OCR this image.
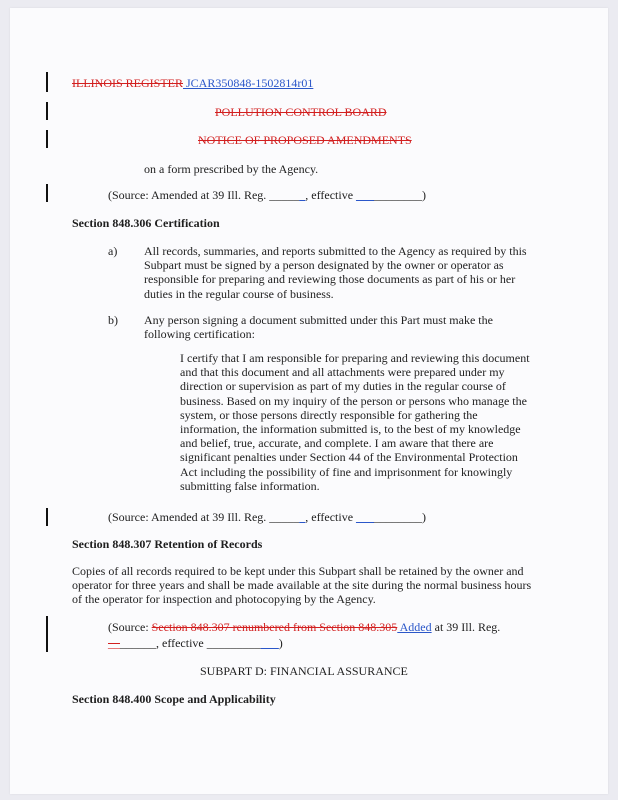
ILLINOIS REGISTER JCAR350848-1502814r01
POLLUTION CONTROL BOARD
NOTICE OF PROPOSED AMENDMENTS
on a form prescribed by the Agency.
(Source: Amended at 39 Ill. Reg. ______, effective ___________)
Section 848.306 Certification
a) All records, summaries, and reports submitted to the Agency as required by this Subpart must be signed by a person designated by the owner or operator as responsible for preparing and reviewing those documents as part of his or her duties in the regular course of business.
b) Any person signing a document submitted under this Part must make the following certification:
I certify that I am responsible for preparing and reviewing this document and that this document and all attachments were prepared under my direction or supervision as part of my duties in the regular course of business. Based on my inquiry of the person or persons who manage the system, or those persons directly responsible for gathering the information, the information submitted is, to the best of my knowledge and belief, true, accurate, and complete. I am aware that there are significant penalties under Section 44 of the Environmental Protection Act including the possibility of fine and imprisonment for knowingly submitting false information.
(Source: Amended at 39 Ill. Reg. ______, effective ___________)
Section 848.307 Retention of Records
Copies of all records required to be kept under this Subpart shall be retained by the owner and operator for three years and shall be made available at the site during the normal business hours of the operator for inspection and photocopying by the Agency.
(Source: Section 848.307 renumbered from Section 848.305 Added at 39 Ill. Reg.
________, effective ____________)
SUBPART D: FINANCIAL ASSURANCE
Section 848.400 Scope and Applicability
